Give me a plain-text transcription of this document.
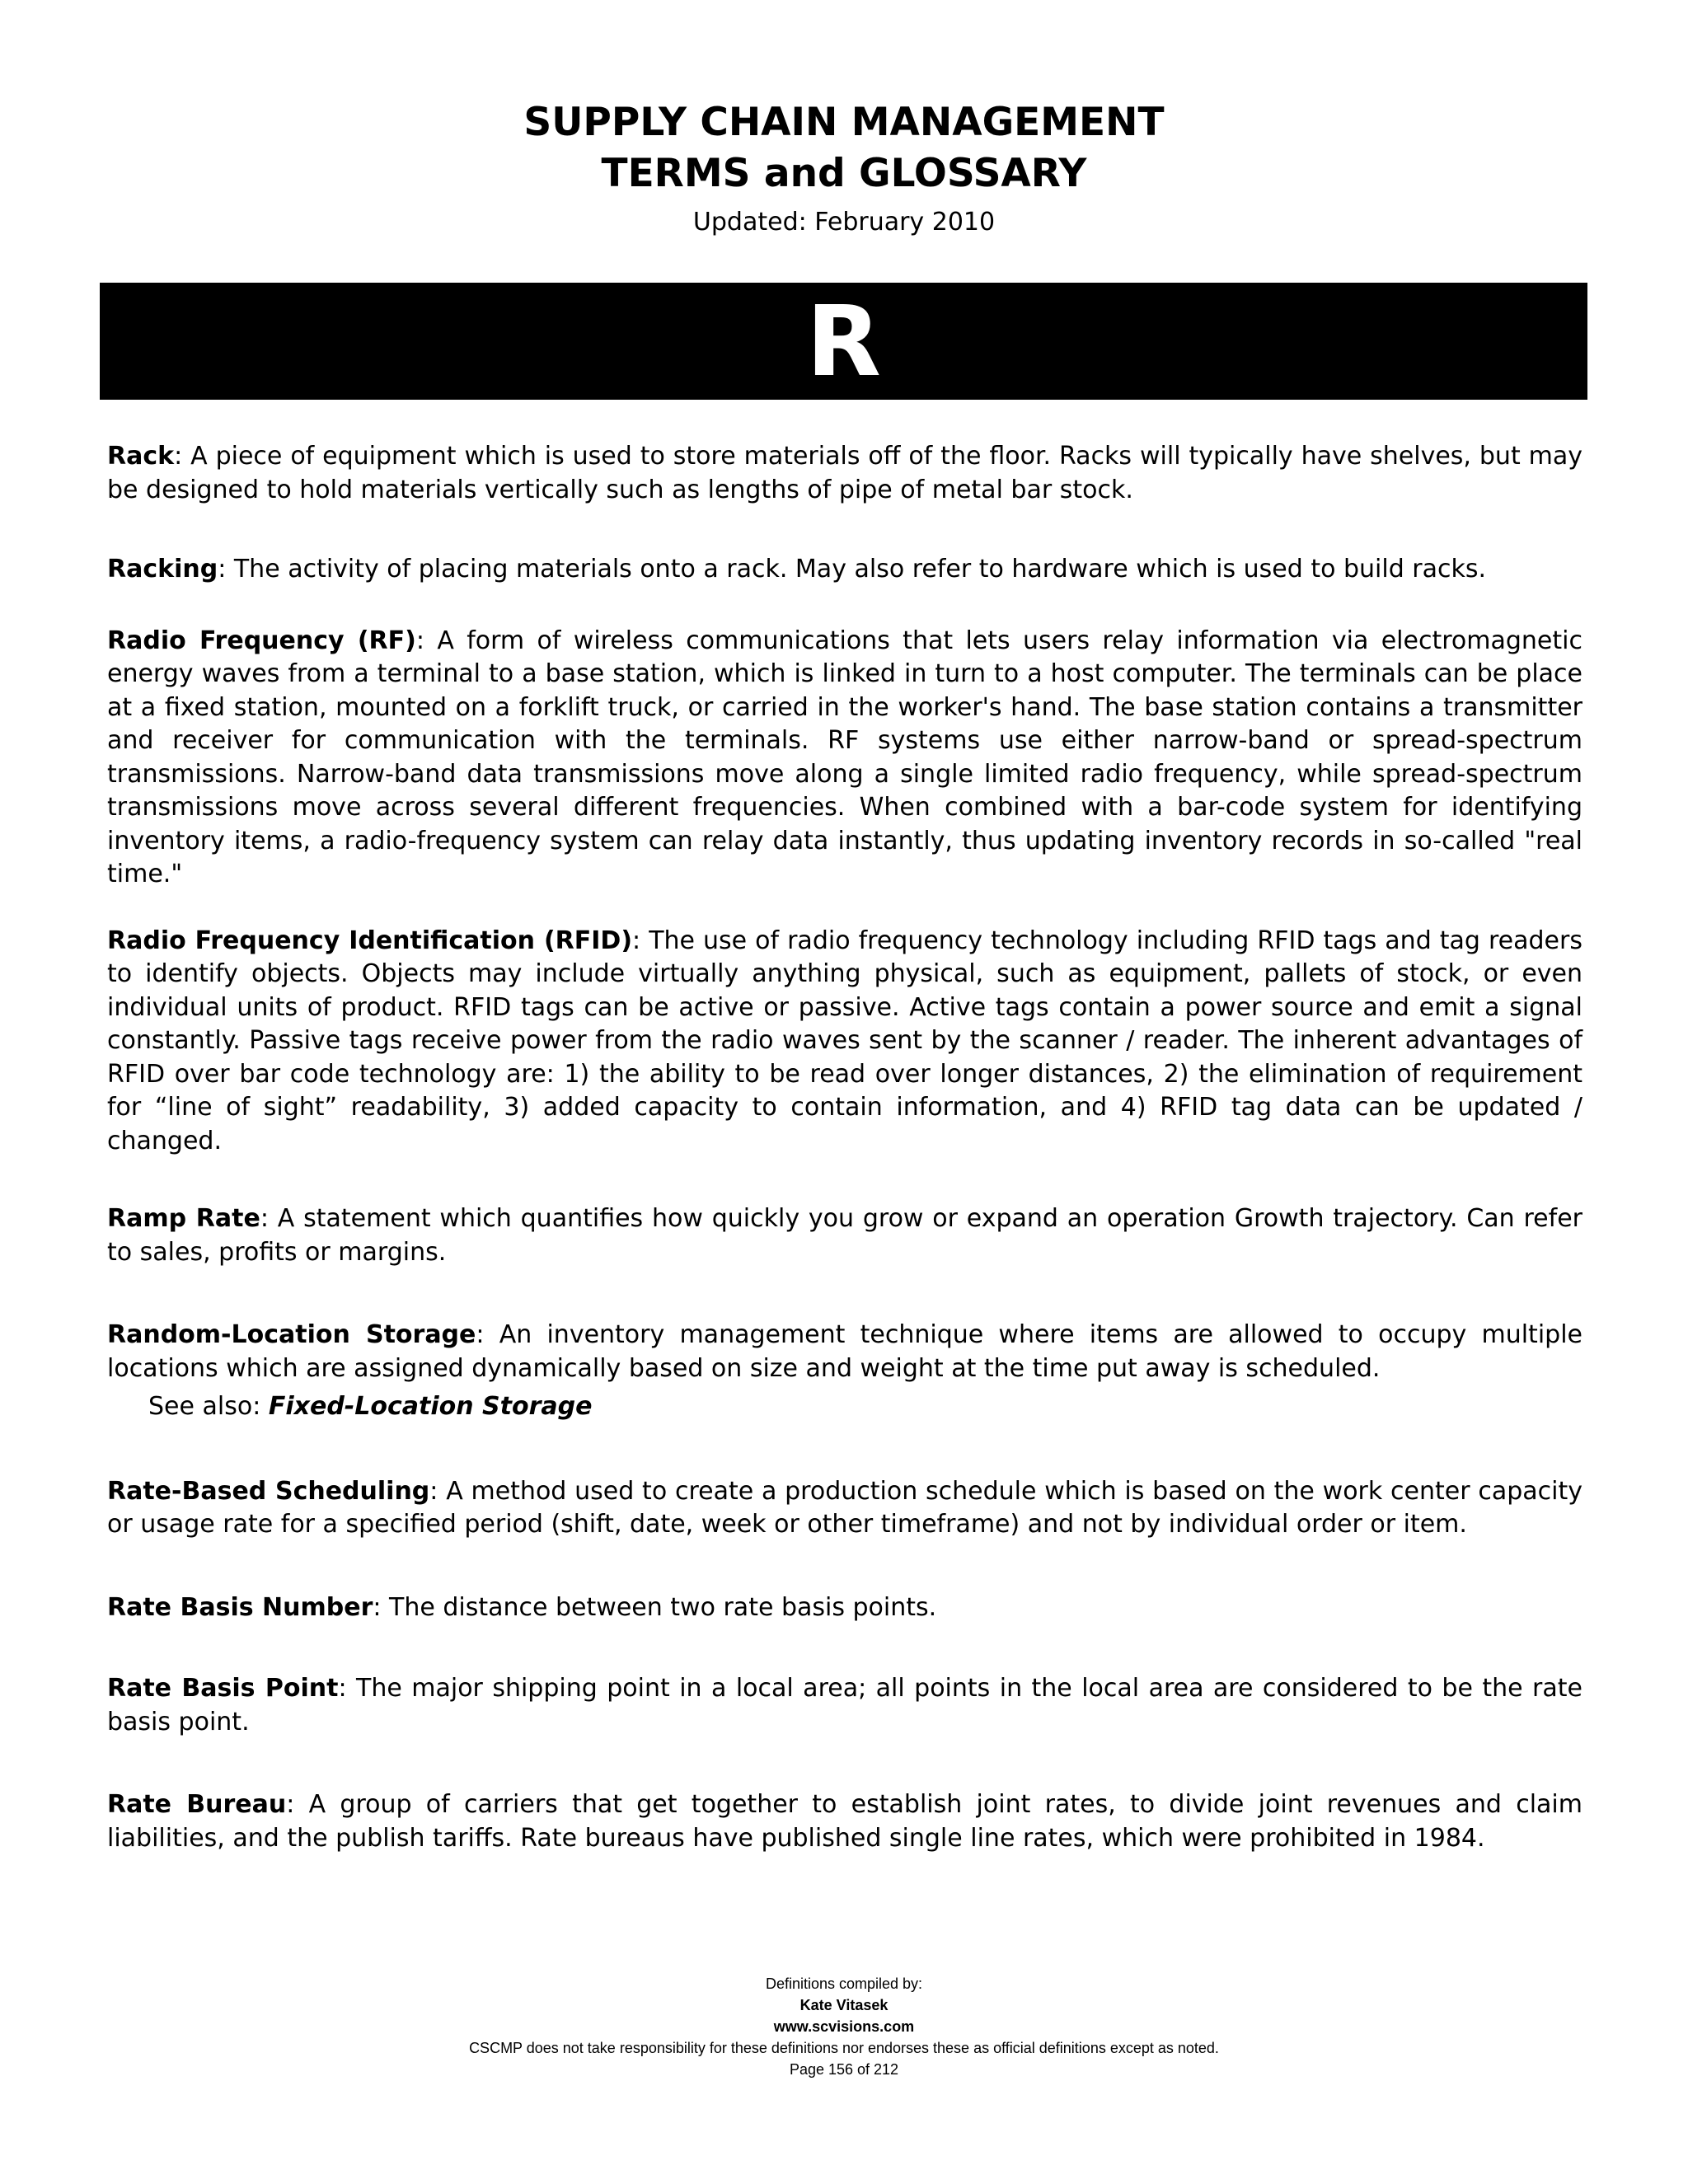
SUPPLY CHAIN MANAGEMENT
TERMS and GLOSSARY
Updated: February 2010
R

Rack: A piece of equipment which is used to store materials off of the floor. Racks will typically have shelves, but may be designed to hold materials vertically such as lengths of pipe of metal bar stock.

Racking: The activity of placing materials onto a rack. May also refer to hardware which is used to build racks.

Radio Frequency (RF): A form of wireless communications that lets users relay information via electromagnetic energy waves from a terminal to a base station, which is linked in turn to a host computer. The terminals can be place at a fixed station, mounted on a forklift truck, or carried in the worker's hand. The base station contains a transmitter and receiver for communication with the terminals. RF systems use either narrow-band or spread-spectrum transmissions. Narrow-band data transmissions move along a single limited radio frequency, while spread-spectrum transmissions move across several different frequencies. When combined with a bar-code system for identifying inventory items, a radio-frequency system can relay data instantly, thus updating inventory records in so-called "real time."

Radio Frequency Identification (RFID): The use of radio frequency technology including RFID tags and tag readers to identify objects. Objects may include virtually anything physical, such as equipment, pallets of stock, or even individual units of product. RFID tags can be active or passive. Active tags contain a power source and emit a signal constantly. Passive tags receive power from the radio waves sent by the scanner / reader. The inherent advantages of RFID over bar code technology are: 1) the ability to be read over longer distances, 2) the elimination of requirement for “line of sight” readability, 3) added capacity to contain information, and 4) RFID tag data can be updated / changed.

Ramp Rate: A statement which quantifies how quickly you grow or expand an operation Growth trajectory. Can refer to sales, profits or margins.

Random-Location Storage: An inventory management technique where items are allowed to occupy multiple locations which are assigned dynamically based on size and weight at the time put away is scheduled.

See also: Fixed-Location Storage

Rate-Based Scheduling: A method used to create a production schedule which is based on the work center capacity or usage rate for a specified period (shift, date, week or other timeframe) and not by individual order or item.

Rate Basis Number: The distance between two rate basis points.

Rate Basis Point: The major shipping point in a local area; all points in the local area are considered to be the rate basis point.

Rate Bureau: A group of carriers that get together to establish joint rates, to divide joint revenues and claim liabilities, and the publish tariffs. Rate bureaus have published single line rates, which were prohibited in 1984.

Definitions compiled by:
Kate Vitasek
www.scvisions.com
CSCMP does not take responsibility for these definitions nor endorses these as official definitions except as noted.
Page 156 of 212
